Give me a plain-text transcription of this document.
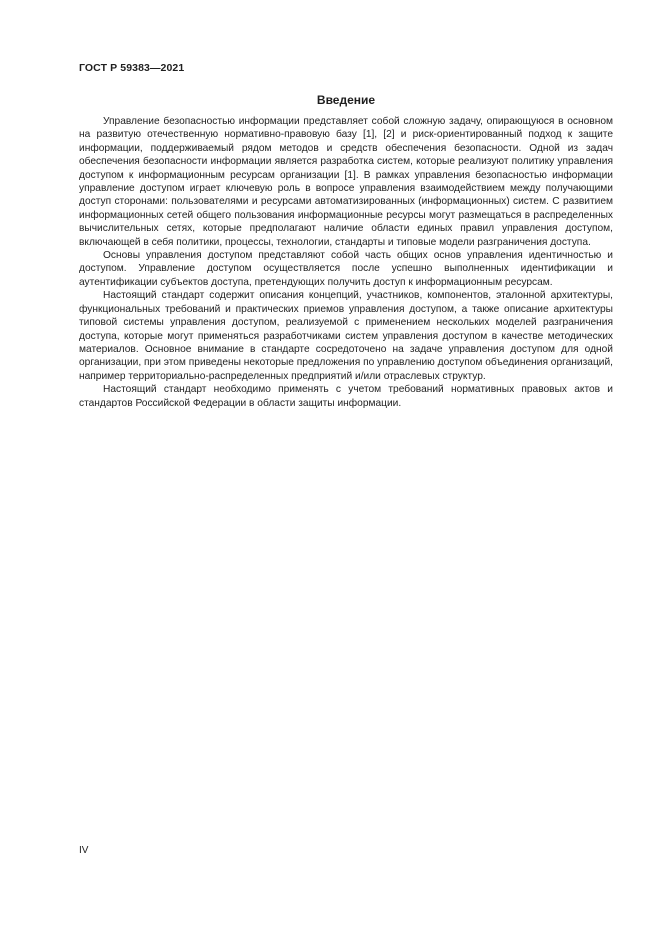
ГОСТ Р 59383—2021
Введение

Управление безопасностью информации представляет собой сложную задачу, опирающуюся в основном на развитую отечественную нормативно-правовую базу [1], [2] и риск-ориентированный подход к защите информации, поддерживаемый рядом методов и средств обеспечения безопасности. Одной из задач обеспечения безопасности информации является разработка систем, которые реализуют политику управления доступом к информационным ресурсам организации [1]. В рамках управления безопасностью информации управление доступом играет ключевую роль в вопросе управления взаимодействием между получающими доступ сторонами: пользователями и ресурсами автоматизированных (информационных) систем. С развитием информационных сетей общего пользования информационные ресурсы могут размещаться в распределенных вычислительных сетях, которые предполагают наличие области единых правил управления доступом, включающей в себя политики, процессы, технологии, стандарты и типовые модели разграничения доступа.

Основы управления доступом представляют собой часть общих основ управления идентичностью и доступом. Управление доступом осуществляется после успешно выполненных идентификации и аутентификации субъектов доступа, претендующих получить доступ к информационным ресурсам.

Настоящий стандарт содержит описания концепций, участников, компонентов, эталонной архитектуры, функциональных требований и практических приемов управления доступом, а также описание архитектуры типовой системы управления доступом, реализуемой с применением нескольких моделей разграничения доступа, которые могут применяться разработчиками систем управления доступом в качестве методических материалов. Основное внимание в стандарте сосредоточено на задаче управления доступом для одной организации, при этом приведены некоторые предложения по управлению доступом объединения организаций, например территориально-распределенных предприятий и/или отраслевых структур.

Настоящий стандарт необходимо применять с учетом требований нормативных правовых актов и стандартов Российской Федерации в области защиты информации.

IV
